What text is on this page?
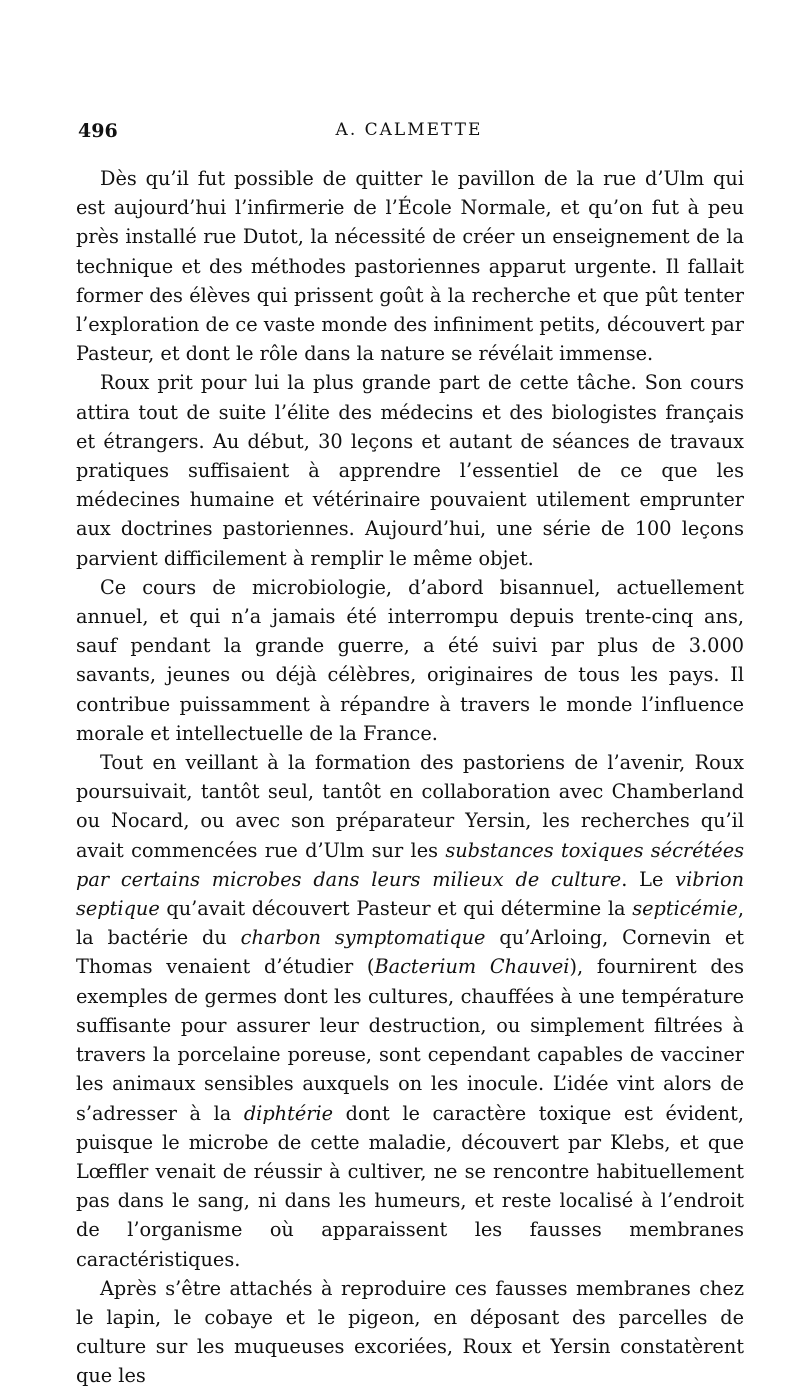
496	A. CALMETTE

Dès qu’il fut possible de quitter le pavillon de la rue d’Ulm qui est aujourd’hui l’infirmerie de l’École Normale, et qu’on fut à peu près installé rue Dutot, la nécessité de créer un enseignement de la technique et des méthodes pastoriennes apparut urgente. Il fallait former des élèves qui prissent goût à la recherche et que pût tenter l’exploration de ce vaste monde des infiniment petits, découvert par Pasteur, et dont le rôle dans la nature se révélait immense.

Roux prit pour lui la plus grande part de cette tâche. Son cours attira tout de suite l’élite des médecins et des biologistes français et étrangers. Au début, 30 leçons et autant de séances de travaux pratiques suffisaient à apprendre l’essentiel de ce que les médecines humaine et vétérinaire pouvaient utilement emprunter aux doctrines pastoriennes. Aujourd’hui, une série de 100 leçons parvient difficilement à remplir le même objet.

Ce cours de microbiologie, d’abord bisannuel, actuellement annuel, et qui n’a jamais été interrompu depuis trente-cinq ans, sauf pendant la grande guerre, a été suivi par plus de 3.000 savants, jeunes ou déjà célèbres, originaires de tous les pays. Il contribue puissamment à répandre à travers le monde l’influence morale et intellectuelle de la France.

Tout en veillant à la formation des pastoriens de l’avenir, Roux poursuivait, tantôt seul, tantôt en collaboration avec Chamberland ou Nocard, ou avec son préparateur Yersin, les recherches qu’il avait commencées rue d’Ulm sur les substances toxiques sécrétées par certains microbes dans leurs milieux de culture. Le vibrion septique qu’avait découvert Pasteur et qui détermine la septicémie, la bactérie du charbon symptomatique qu’Arloing, Cornevin et Thomas venaient d’étudier (Bacterium Chauvei), fournirent des exemples de germes dont les cultures, chauffées à une température suffisante pour assurer leur destruction, ou simplement filtrées à travers la porcelaine poreuse, sont cependant capables de vacciner les animaux sensibles auxquels on les inocule. L’idée vint alors de s’adresser à la diphtérie dont le caractère toxique est évident, puisque le microbe de cette maladie, découvert par Klebs, et que Lœffler venait de réussir à cultiver, ne se rencontre habituellement pas dans le sang, ni dans les humeurs, et reste localisé à l’endroit de l’organisme où apparaissent les fausses membranes caractéristiques.

Après s’être attachés à reproduire ces fausses membranes chez le lapin, le cobaye et le pigeon, en déposant des parcelles de culture sur les muqueuses excoriées, Roux et Yersin constatèrent que les
